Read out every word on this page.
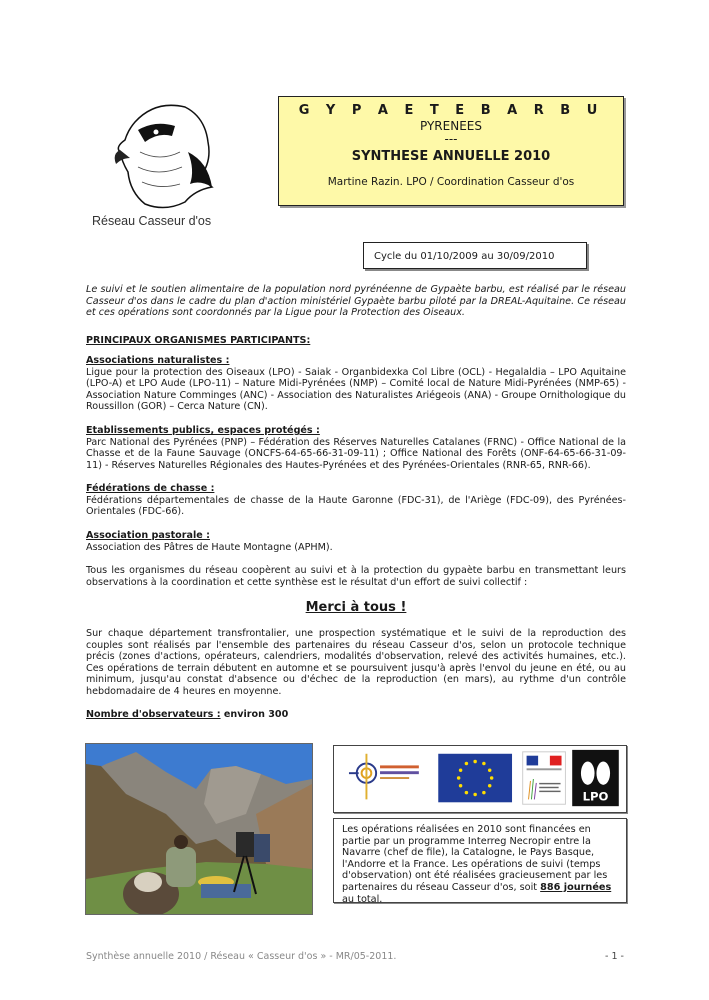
Réseau Casseur d'os
G Y P A E T E B A R B U
PYRENEES
---
SYNTHESE ANNUELLE 2010
Martine Razin. LPO / Coordination Casseur d'os
Cycle du 01/10/2009 au 30/09/2010
Le suivi et le soutien alimentaire de la population nord pyrénéenne de Gypaète barbu, est réalisé par le réseau Casseur d'os dans le cadre du plan d'action ministériel Gypaète barbu piloté par la DREAL-Aquitaine. Ce réseau et ces opérations sont coordonnés par la Ligue pour la Protection des Oiseaux.
PRINCIPAUX ORGANISMES PARTICIPANTS:
Associations naturalistes :
Ligue pour la protection des Oiseaux (LPO) - Saiak - Organbidexka Col Libre (OCL) - Hegalaldia – LPO Aquitaine (LPO-A) et LPO Aude (LPO-11) – Nature Midi-Pyrénées (NMP) – Comité local de Nature Midi-Pyrénées (NMP-65) - Association Nature Comminges (ANC) - Association des Naturalistes Ariégeois (ANA) - Groupe Ornithologique du Roussillon (GOR) – Cerca Nature (CN).
Etablissements publics, espaces protégés :
Parc National des Pyrénées (PNP) – Fédération des Réserves Naturelles Catalanes (FRNC) - Office National de la Chasse et de la Faune Sauvage (ONCFS-64-65-66-31-09-11) ; Office National des Forêts (ONF-64-65-66-31-09-11) - Réserves Naturelles Régionales des Hautes-Pyrénées et des Pyrénées-Orientales (RNR-65, RNR-66).
Fédérations de chasse :
Fédérations départementales de chasse de la Haute Garonne (FDC-31), de l'Ariège (FDC-09), des Pyrénées-Orientales (FDC-66).
Association pastorale :
Association des Pâtres de Haute Montagne (APHM).
Tous les organismes du réseau coopèrent au suivi et à la protection du gypaète barbu en transmettant leurs observations à la coordination et cette synthèse est le résultat d'un effort de suivi collectif :
Merci à tous !
Sur chaque département transfrontalier, une prospection systématique et le suivi de la reproduction des couples sont réalisés par l'ensemble des partenaires du réseau Casseur d'os, selon un protocole technique précis (zones d'actions, opérateurs, calendriers, modalités d'observation, relevé des activités humaines, etc.). Ces opérations de terrain débutent en automne et se poursuivent jusqu'à après l'envol du jeune en été, ou au minimum, jusqu'au constat d'absence ou d'échec de la reproduction (en mars), au rythme d'un contrôle hebdomadaire de 4 heures en moyenne.
Nombre d'observateurs : environ 300
LPO
Les opérations réalisées en 2010 sont financées en partie par un programme Interreg Necropir entre la Navarre (chef de file), la Catalogne, le Pays Basque, l'Andorre et la France. Les opérations de suivi (temps d'observation) ont été réalisées gracieusement par les partenaires du réseau Casseur d'os, soit 886 journées au total.
Synthèse annuelle 2010 / Réseau « Casseur d'os » - MR/05-2011.	- 1 -
